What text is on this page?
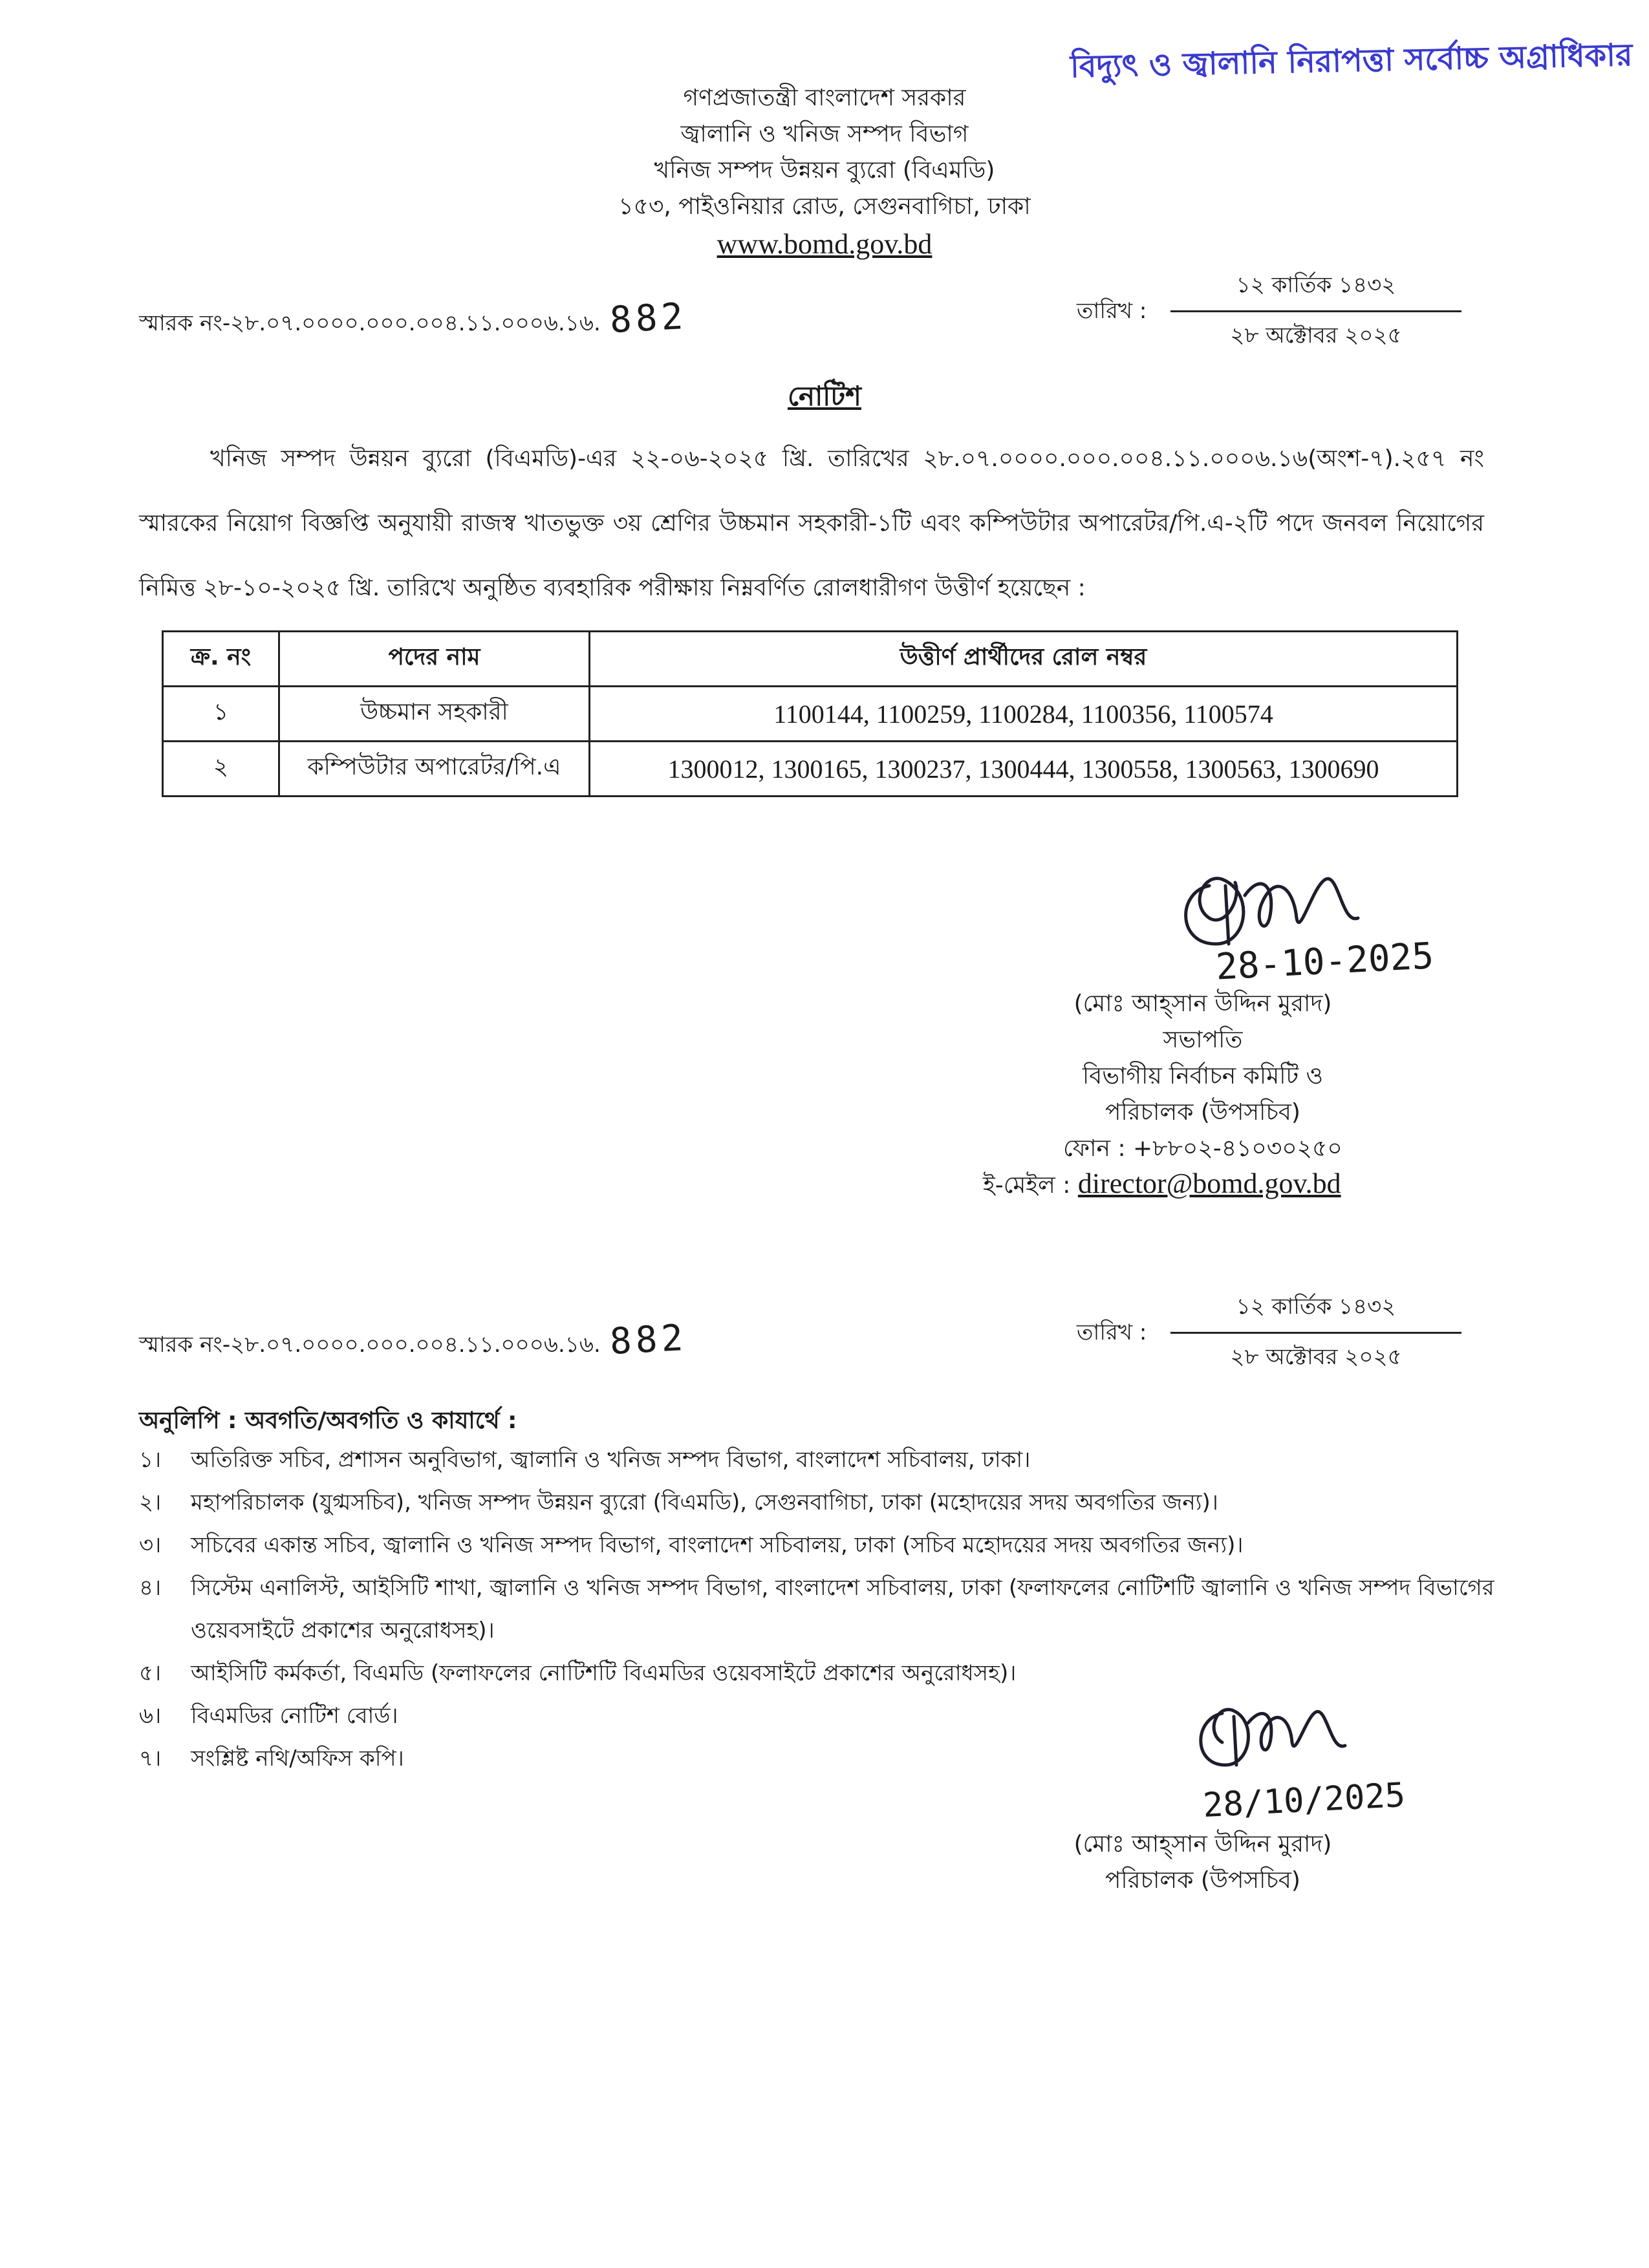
বিদ্যুৎ ও জ্বালানি নিরাপত্তা সর্বোচ্চ অগ্রাধিকার
গণপ্রজাতন্ত্রী বাংলাদেশ সরকার
জ্বালানি ও খনিজ সম্পদ বিভাগ
খনিজ সম্পদ উন্নয়ন ব্যুরো (বিএমডি)
১৫৩, পাইওনিয়ার রোড, সেগুনবাগিচা, ঢাকা
www.bomd.gov.bd
স্মারক নং-২৮.০৭.০০০০.০০০.০০৪.১১.০০০৬.১৬. 882	তারিখ :
১২ কার্তিক ১৪৩২
২৮ অক্টোবর ২০২৫
নোটিশ
খনিজ সম্পদ উন্নয়ন ব্যুরো (বিএমডি)-এর ২২-০৬-২০২৫ খ্রি. তারিখের ২৮.০৭.০০০০.০০০.০০৪.১১.০০০৬.১৬(অংশ-৭).২৫৭ নং স্মারকের নিয়োগ বিজ্ঞপ্তি অনুযায়ী রাজস্ব খাতভুক্ত ৩য় শ্রেণির উচ্চমান সহকারী-১টি এবং কম্পিউটার অপারেটর/পি.এ-২টি পদে জনবল নিয়োগের নিমিত্ত ২৮-১০-২০২৫ খ্রি. তারিখে অনুষ্ঠিত ব্যবহারিক পরীক্ষায় নিম্নবর্ণিত রোলধারীগণ উত্তীর্ণ হয়েছেন :
ক্র. নং	পদের নাম	উত্তীর্ণ প্রার্থীদের রোল নম্বর
১	উচ্চমান সহকারী	1100144, 1100259, 1100284, 1100356, 1100574
২	কম্পিউটার অপারেটর/পি.এ	1300012, 1300165, 1300237, 1300444, 1300558, 1300563, 1300690
28-10-2025
(মোঃ আহ্সান উদ্দিন মুরাদ)
সভাপতি
বিভাগীয় নির্বাচন কমিটি ও
পরিচালক (উপসচিব)
ফোন : +৮৮০২-৪১০৩০২৫০
ই-মেইল : director@bomd.gov.bd
স্মারক নং-২৮.০৭.০০০০.০০০.০০৪.১১.০০০৬.১৬. 882	তারিখ :
১২ কার্তিক ১৪৩২
২৮ অক্টোবর ২০২৫
অনুলিপি : অবগতি/অবগতি ও কাযার্থে :
১।	অতিরিক্ত সচিব, প্রশাসন অনুবিভাগ, জ্বালানি ও খনিজ সম্পদ বিভাগ, বাংলাদেশ সচিবালয়, ঢাকা।
২।	মহাপরিচালক (যুগ্মসচিব), খনিজ সম্পদ উন্নয়ন ব্যুরো (বিএমডি), সেগুনবাগিচা, ঢাকা (মহোদয়ের সদয় অবগতির জন্য)।
৩।	সচিবের একান্ত সচিব, জ্বালানি ও খনিজ সম্পদ বিভাগ, বাংলাদেশ সচিবালয়, ঢাকা (সচিব মহোদয়ের সদয় অবগতির জন্য)।
৪।	সিস্টেম এনালিস্ট, আইসিটি শাখা, জ্বালানি ও খনিজ সম্পদ বিভাগ, বাংলাদেশ সচিবালয়, ঢাকা (ফলাফলের নোটিশটি জ্বালানি ও খনিজ সম্পদ বিভাগের ওয়েবসাইটে প্রকাশের অনুরোধসহ)।
৫।	আইসিটি কর্মকর্তা, বিএমডি (ফলাফলের নোটিশটি বিএমডির ওয়েবসাইটে প্রকাশের অনুরোধসহ)।
৬।	বিএমডির নোটিশ বোর্ড।
৭।	সংশ্লিষ্ট নথি/অফিস কপি।
28/10/2025
(মোঃ আহ্সান উদ্দিন মুরাদ)
পরিচালক (উপসচিব)
